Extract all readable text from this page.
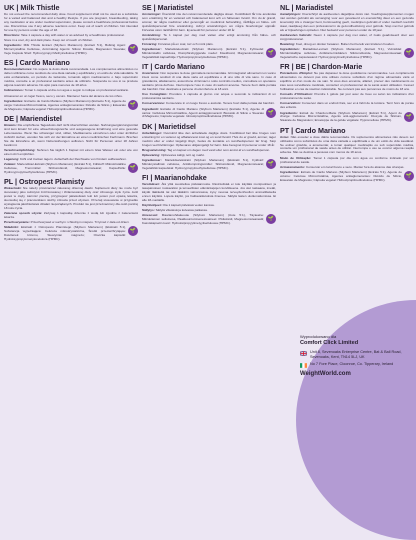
UK | Milk Thistle

Do not exceed the recommended daily dose. Food supplement shall not be used as a substitute for a varied and balanced diet and a healthy lifestyle. If you are pregnant, breastfeeding, taking any medication or are under medical supervision, please consult a healthcare professional before use. Discontinue use if any adverse reactions occur. Keep out of reach of children. Not intended for use by persons under the age of 18.

Directions: Take 1 capsule a day with water or as advised by a healthcare professional.

Store in a cool, dry and dark place. Keep out of reach of children.

Ingredients: Milk Thistle Extract (Silybum Marianum) (Extract 5:1), Bulking Agent: Microcrystalline Cellulose, Anti-Caking Agents: Silicon Dioxide, Magnesium Stearate; Vege Capsule Shell: Hydroxypropyl Methylcellulose (HPMC).

🌱
ES | Cardo Mariano

Recomendaciones: No supere la dosis diaria recomendada. Los complementos alimenticios no deben utilizarse como sustituto de una dieta variada y equilibrada y un estilo de vida saludable. Si está embarazada, en período de lactancia, tomando algún medicamento o bajo supervisión médica, consulte a un profesional sanitario antes de utilizarlo. Suspenda su uso si se produce alguna reacción adversa. No apto para menores de 18 años.

Indicaciones: Tomar 1 cápsula al día con agua o según lo indique un profesional sanitario.

Almacenar en un lugar fresco, seco y oscuro. Mantener fuera del alcance de los niños.

Ingredientes: Extracto de Cardo Mariano (Silybum Marianum) (Extracto 5:1), Agente de carga: Celulosa Microcristalina, Agentes antiaglomerantes: Dióxido de Silicio y Estearato de Magnesio; Cápsula vegetal: Hidroxipropilmetilcelulosa (HPMC).

🌱
DE | Mariendistel

Hinweis: Die empfohlene Tagesdosis darf nicht überschritten werden. Nahrungsergänzungsmittel sind kein Ersatz für eine abwechslungsreiche und ausgewogene Ernährung und eine gesunde Lebensweise. Wenn Sie schwanger sind, stillen, Medikamente einnehmen oder unter ärztlicher Aufsicht stehen, wenden Sie sich vor der Einnahme an einen medizinischen Fachmann. Brechen Sie die Einnahme ab, wenn Nebenwirkungen auftreten. Nicht für Personen unter 18 Jahren bestimmt.

Verzehrsempfehlung: Nehmen Sie täglich 1 Kapsel mit einem Glas Wasser ein oder wie von einem Arzt empfohlen.

Lagerung: Kühl und trocken lagern. Außerhalb der Reichweite von Kindern aufbewahren.

Zutaten: Mariendistel-Extrakt (Silybum Marianum) (Extrakt 5:1), Füllstoff: Mikrokristalline Cellulose, Trennmittel: Siliziumdioxid, Magnesiumstearat; Kapselhülle: Hydroxypropylmethylcellulose (HPMC).

🌱
PL | Ostropest Plamisty

Wskazówki: Nie należy przekraczać zalecanej dziennej dawki. Suplement diety nie może być stosowany jako substytut zróżnicowanej i zbilansowanej diety oraz zdrowego stylu życia. Jeśli jesteś w ciąży, karmisz piersią, przyjmujesz jakiekolwiek leki lub jesteś pod opieką lekarza, skonsultuj się z pracownikiem służby zdrowia przed użyciem. Przerwij stosowanie w przypadku wystąpienia jakichkolwiek działań niepożądanych. Produkt nie jest przeznaczony dla osób poniżej 18 roku życia.

Zalecane sposób użycia: Zażywaj 1 kapsułkę dziennie z wodą lub zgodnie z zaleceniami lekarza.

Przechowywanie: Przechowywać w suchym i chłodnym miejscu. Trzymać z dala od dzieci.

Składniki: Ekstrakt z Ostropestu Plamistego (Silybum Marianum) (Ekstrakt 5:1), Substancja wypełniająca: Celuloza mikrokrystaliczna, Środki przeciwzbrylające: Dwutlenek krzemu, Stearynian magnezu; Otoczka kapsułki: Hydroksypropylometyloceluloza (HPMC).

🌱
SE | Mariatistel

Anvisningar: Överskrid inte den rekommenderade dagliga dosen. Kosttillskott får inte användas som ersättning för en varierad och balanserad kost och en hälsosam livsstil. Om du är gravid, ammar, tar några mediciner eller genomgår en medicinsk behandling, rådfråga en hälso- och sjukvårdspersonal före användning. Avbryt användningen om några biverkningar uppstår. Förvaras utom räckhåll för barn. Ej avsedd för personer under 18 år.

Användning: Ta 1 kapsel per dag med vatten eller enligt anvisning från hälso- och sjukvårdspersonal.

Förvaring: Förvaras på en sval, torr och mörk plats.

Ingredienser: Mariatistelextrakt (Silybum Marianum) (Extrakt 5:1), Fyllmedel: Mikrokristallin cellulosa, Klumpförebyggande medel: Kiseldioxid, Magnesiumstearat; Vegetabiliskt kapselhölje: Hydroxipropylmetylcellulosa (HPMC).

🌱
IT | Cardo Mariano

Avvertenze: Non superare la dose giornaliera raccomandata. Gli integratori alimentari non vanno intesi come sostituti di una dieta varia ed equilibrata e di uno stile di vita sano. In caso di gravidanza, allattamento, assunzione di farmaci o sotto controllo medico, consultare un operatore sanitario prima dell'uso. Interrompere l'uso in caso di reazioni avverse. Tenere fuori dalla portata dei bambini. Non destinato a persone di età inferiore ai 18 anni.

Uso Consigliato: Prendere 1 capsula al giorno con acqua o secondo le indicazioni di un professionista sanitario.

Conservazione: Conservare in un luogo fresco e asciutto. Tenere fuori dalla portata dei bambini.

Ingredienti: Estratto di Cardo Mariano (Silybum Marianum) (Estratto 5:1), Agente di carica: Cellulosa Microcristallina, Agenti antiagglomeranti: Biossido di Silicio e Stearato di Magnesio; Capsula vegetale: Idrossipropilmetilcellulosa (HPMC).

🌱
DK | Marietidsel

Anbefalinger: Overskrid ikke den anbefalede daglige dosis. Kosttilskud bør ikke bruges som erstatning for en varieret og afbalanceret kost og en sund livsstil. Hvis du er gravid, ammer, tager medicin eller er under lægeligt tilsyn, bedes du kontakte en sundhedsperson før brug. Stop brugen ved bivirkninger. Opbevares utilgængeligt for børn. Ikke beregnet til personer under 18 år.

Brugsanvisning: Tag en kapsel om dagen med vand eller som anvist af en sundhedsperson.

Opbevaring: Opbevares køligt, tørt og mørkt.

Ingredienser: Marietidselekstrakt (Silybum Marianum) (Ekstrakt 5:1), Fyldstof: Mikrokrystallinsk cellulose, Antiklumpningsmidler: Siliciumdioxid, Magnesiumstearat; Vegetabilsk kapselskal: Hydroxypropylmethylcellulose (HPMC).

🌱
FI | Maarianohdake

Varoitukset: Älä ylitä suositeltua päiväannosta. Ravintolisää ei tule käyttää monipuolisen ja tasapainoisen ruokavalion ja terveellisten elämäntapojen korvikkeena. Jos olet raskaana, imetät, käytät lääkkeitä tai olet lääkärin valvonnassa, kysy neuvoa terveydenhuollon ammattilaiselta ennen käyttöä. Lopeta käyttö, jos haittavaikutuksia ilmenee. Säilytä lasten ulottumattomissa. Ei alle 18-vuotiaille.

Käyttöohjeet: Ota 1 kapseli päivässä veden kanssa.

Säilytys: Säilytä viileässä ja kuivassa paikassa.

Ainesosat: Maarianohdakeuute (Silybum Marianum) (Uute 5:1), Täyteaine: Mikrokiteinen selluloosa, Paakkuuntumisenestoaineet: Piidioksidi, Magnesiumstearaatti; Kasviskapselin kuori: Hydroksipropyylimetyyliselluloosa (HPMC).

🌱
NL | Mariadistel

Aanwijzingen: Overschrijd de aanbevolen dagelijkse dosis niet. Voedingssupplementen mogen niet worden gebruikt als vervanging voor een gevarieerd en evenwichtig dieet en een gezonde levensstijl. Als u zwanger bent, borstvoeding geeft, medicijnen gebruikt of onder medisch toezicht staat, raadpleeg dan een professional in de gezondheidszorg voor gebruik. Stop met het gebruik als er bijwerkingen optreden. Niet bedoeld voor personen onder de 18 jaar.

Aanbevolen Gebruik: Neem 1 capsule per dag met water, of zoals geadviseerd door een zorgprofessional.

Bewaring: Koel, droog en donker bewaren. Buiten het bereik van kinderen houden.

Ingrediënten: Mariadistel-extract (Silybum Marianum) (Extract 5:1), Vulmiddel: Microkristallijne cellulose, Antiklontermiddelen: Siliciumdioxide, Magnesiumstearaat; Vegetarische capsulewand: Hydroxypropylmethylcellulose (HPMC).

🌱
FR | BE | Chardon-Marie

Précautions d'Emploi: Ne pas dépasser la dose quotidienne recommandée. Les compléments alimentaires ne doivent pas être utilisés comme substituts d'un régime alimentaire varié et équilibré et d'un mode de vie sain. Si vous êtes enceinte, allaitez, prenez des médicaments ou êtes sous surveillance médicale, consultez un professionnel de la santé avant utilisation. Cessez l'utilisation en cas de réaction indésirable. Ne convient pas aux personnes de moins de 18 ans.

Conseils d'Utilisation: Prendre 1 gélule par jour avec de l'eau ou selon les indications d'un professionnel de santé.

Conservation: Conserver dans un endroit frais, sec et à l'abri de la lumière. Tenir hors de portée des enfants.

Ingrédients: Extrait de Chardon-Marie (Silybum Marianum) (Extrait 5:1), Agent de charge: Cellulose Microcristalline, Agents anti-agglomérants: Dioxyde de Silicium, Stéarate de Magnésium; Enveloppe de la gélule végétale: Hypromellose (HPMC).

🌱
PT | Cardo Mariano

Aviso: Não exceder a dose diária recomendada. Os suplementos alimentares não devem ser utilizados como substitutos de uma dieta variada e equilibrada e de um estilo de vida saudável. Se estiver grávida, a amamentar, a tomar qualquer medicação ou sob supervisão médica, consulte um profissional de saúde antes de utilizar. Interrompa o uso se ocorrer alguma reação adversa. Não se destina a pessoas com menos de 18 anos.

Modo de Utilização: Tomar 1 cápsula por dia com água ou conforme indicado por um profissional de saúde.

Armazenamento: Conservar em local fresco e seco. Manter fora do alcance das crianças.

Ingredientes: Extrato de Cardo Mariano (Silybum Marianum) (Extrato 5:1), Agente de volume: Celulose Microcristalina, Agentes antiaglomerantes: Dióxido de Silício, Estearato de Magnésio; Cápsula vegetal: Hidroxipropilmetilcelulose (HPMC).

🌱
Wyprodukowano dla
Comfort Click Limited
Unit 8, Sevenoaks Enterprise Centre, Bat & Ball Road, Sevenoaks, Kent, TN14 5LJ, UK
No 7 Fore Place, Cloonroe, Co. Tipperary, Ireland
WeightWorld.com
